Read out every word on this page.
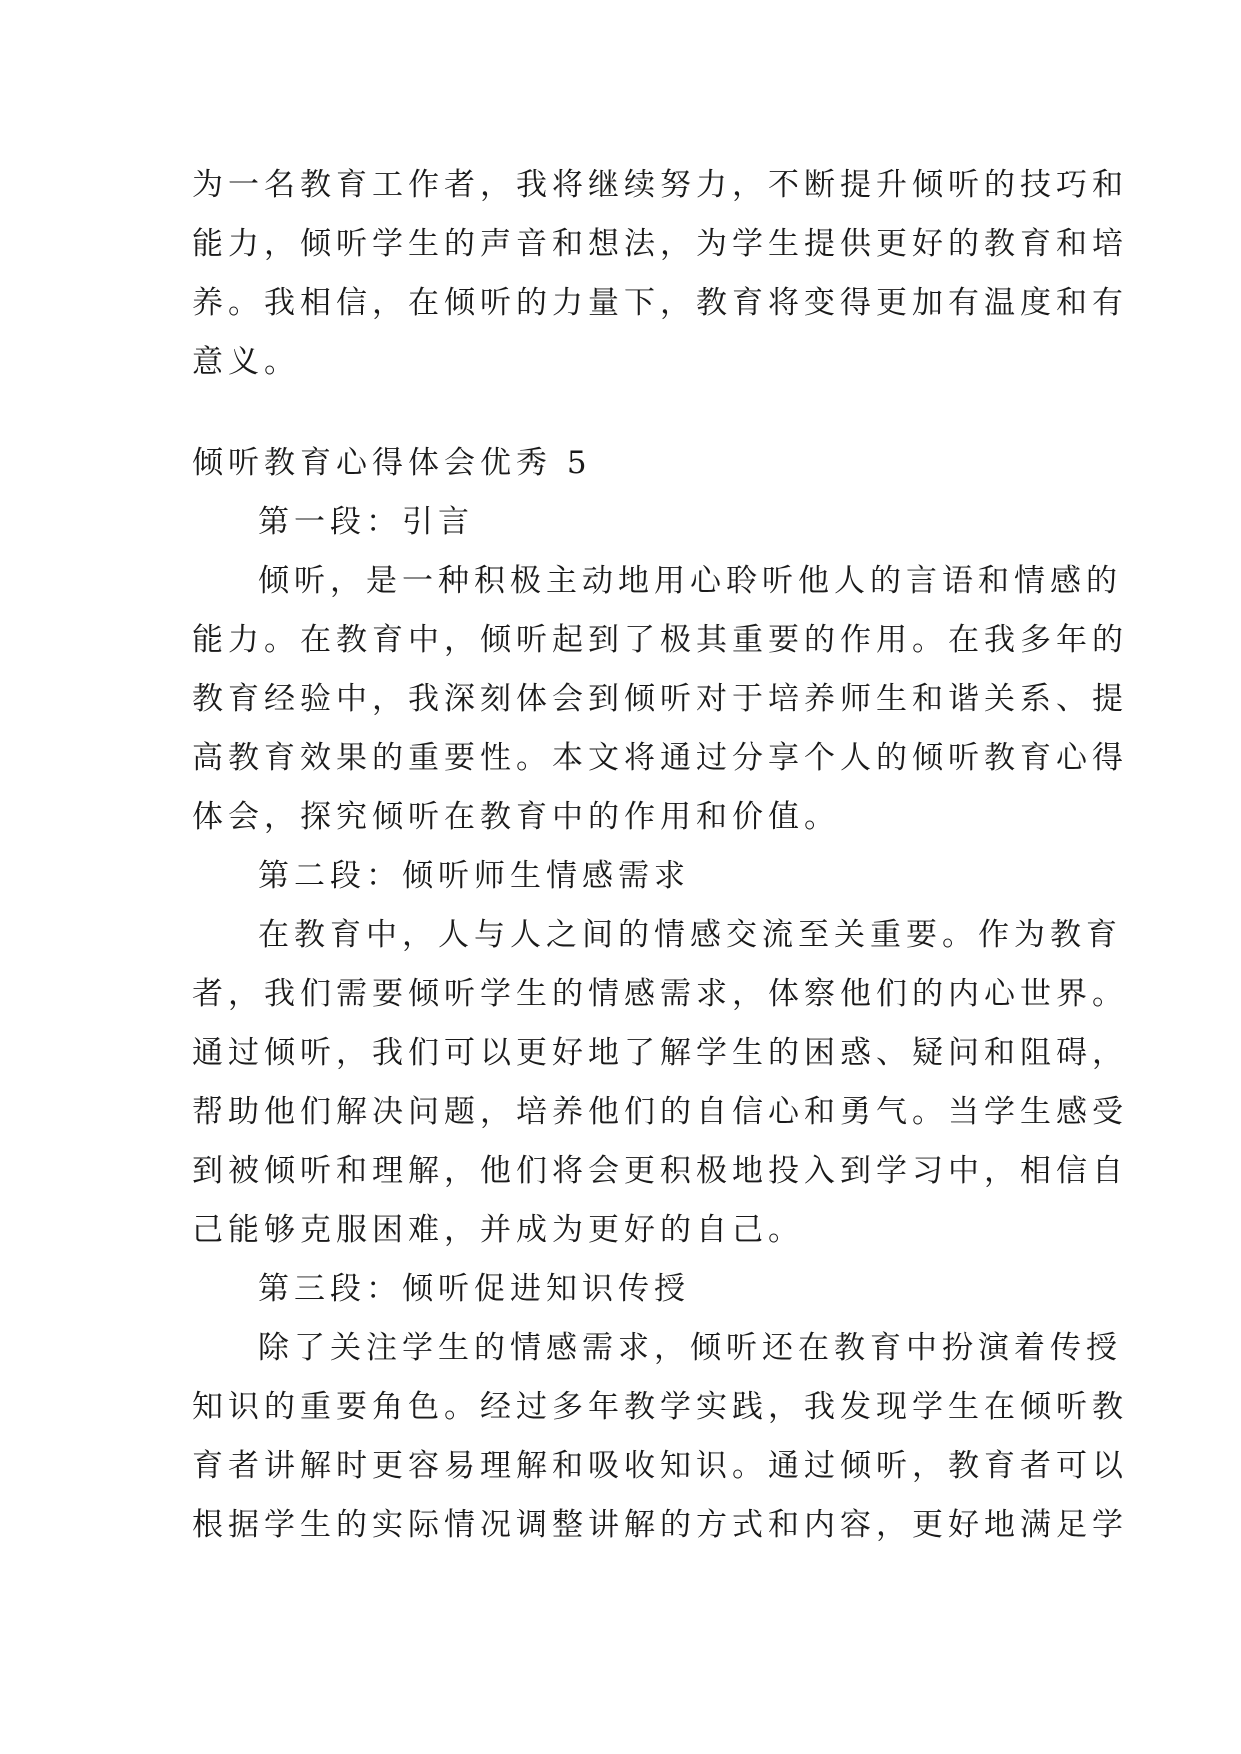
为一名教育工作者，我将继续努力，不断提升倾听的技巧和
能力，倾听学生的声音和想法，为学生提供更好的教育和培
养。我相信，在倾听的力量下，教育将变得更加有温度和有
意义。
倾听教育心得体会优秀 5
第一段：引言
倾听，是一种积极主动地用心聆听他人的言语和情感的
能力。在教育中，倾听起到了极其重要的作用。在我多年的
教育经验中，我深刻体会到倾听对于培养师生和谐关系、提
高教育效果的重要性。本文将通过分享个人的倾听教育心得
体会，探究倾听在教育中的作用和价值。
第二段：倾听师生情感需求
在教育中，人与人之间的情感交流至关重要。作为教育
者，我们需要倾听学生的情感需求，体察他们的内心世界。
通过倾听，我们可以更好地了解学生的困惑、疑问和阻碍，
帮助他们解决问题，培养他们的自信心和勇气。当学生感受
到被倾听和理解，他们将会更积极地投入到学习中，相信自
己能够克服困难，并成为更好的自己。
第三段：倾听促进知识传授
除了关注学生的情感需求，倾听还在教育中扮演着传授
知识的重要角色。经过多年教学实践，我发现学生在倾听教
育者讲解时更容易理解和吸收知识。通过倾听，教育者可以
根据学生的实际情况调整讲解的方式和内容，更好地满足学
